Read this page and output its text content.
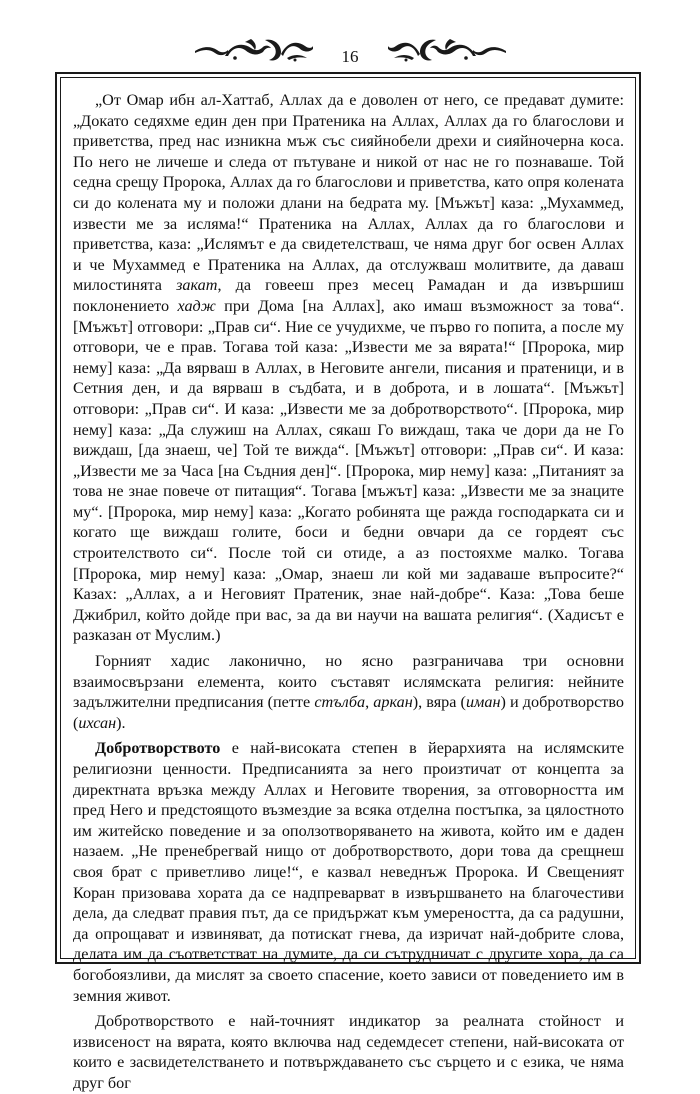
16

„От Омар ибн ал-Хаттаб, Аллах да е доволен от него, се предават думите: „Докато седяхме един ден при Пратеника на Аллах, Аллах да го благослови и приветства, пред нас изникна мъж със сияйнобели дрехи и сияйночерна коса. По него не личеше и следа от пътуване и никой от нас не го познаваше. Той седна срещу Пророка, Аллах да го благослови и приветства, като опря колената си до колената му и положи длани на бедрата му. [Мъжът] каза: „Мухаммед, извести ме за исляма!“ Пратеника на Аллах, Аллах да го благослови и приветства, каза: „Ислямът е да свидетелстваш, че няма друг бог освен Аллах и че Мухаммед е Пратеника на Аллах, да отслужваш молитвите, да даваш милостинята закат, да говееш през месец Рамадан и да извършиш поклонението хадж при Дома [на Аллах], ако имаш възможност за това“. [Мъжът] отговори: „Прав си“. Ние се учудихме, че първо го попита, а после му отговори, че е прав. Тогава той каза: „Извести ме за вярата!“ [Пророка, мир нему] каза: „Да вярваш в Аллах, в Неговите ангели, писания и пратеници, и в Сетния ден, и да вярваш в съдбата, и в доброта, и в лошата“. [Мъжът] отговори: „Прав си“. И каза: „Извести ме за добротворството“. [Пророка, мир нему] каза: „Да служиш на Аллах, сякаш Го виждаш, така че дори да не Го виждаш, [да знаеш, че] Той те вижда“. [Мъжът] отговори: „Прав си“. И каза: „Извести ме за Часа [на Съдния ден]“. [Пророка, мир нему] каза: „Питаният за това не знае повече от питащия“. Тогава [мъжът] каза: „Извести ме за знаците му“. [Пророка, мир нему] каза: „Когато робинята ще ражда господарката си и когато ще виждаш голите, боси и бедни овчари да се гордеят със строителството си“. После той си отиде, а аз постояхме малко. Тогава [Пророка, мир нему] каза: „Омар, знаеш ли кой ми задаваше въпросите?“ Казах: „Аллах, а и Неговият Пратеник, знае най-добре“. Каза: „Това беше Джибрил, който дойде при вас, за да ви научи на вашата религия“. (Хадисът е разказан от Муслим.)

Горният хадис лаконично, но ясно разграничава три основни взаимосвързани елемента, които съставят ислямската религия: нейните задължителни предписания (петте стълба, аркан), вяра (иман) и добротворство (ихсан).

Добротворството е най-високата степен в йерархията на ислямските религиозни ценности. Предписанията за него произтичат от концепта за директната връзка между Аллах и Неговите творения, за отговорността им пред Него и предстоящото възмездие за всяка отделна постъпка, за цялостното им житейско поведение и за оползотворяването на живота, който им е даден назаем. „Не пренебрегвай нищо от добротворството, дори това да срещнеш своя брат с приветливо лице!“, е казвал неведнъж Пророка. И Свещеният Коран призовава хората да се надпреварват в извършването на благочестиви дела, да следват правия път, да се придържат към умереността, да са радушни, да опрощават и извиняват, да потискат гнева, да изричат най-добрите слова, делата им да съответстват на думите, да си сътрудничат с другите хора, да са богобоязливи, да мислят за своето спасение, което зависи от поведението им в земния живот.

Добротворството е най-точният индикатор за реалната стойност и извисеност на вярата, която включва над седемдесет степени, най-високата от които е засвидетелстването и потвърждаването със сърцето и с езика, че няма друг бог
